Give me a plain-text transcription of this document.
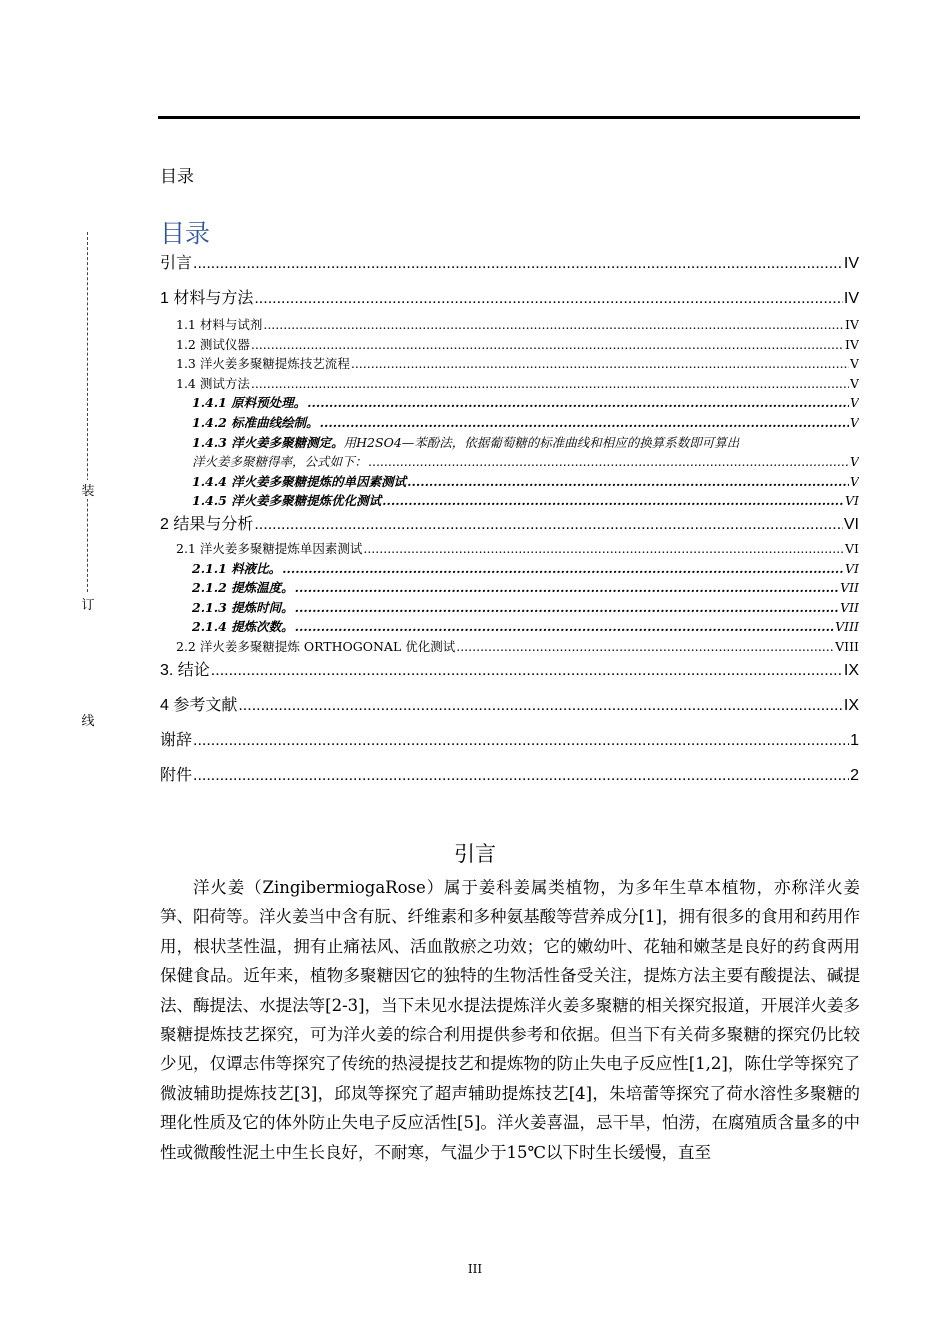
目录
装
订
线
目录
引言 .....	IV
1 材料与方法 .....	IV
1.1 材料与试剂 .....	IV
1.2 测试仪器 .....	IV
1.3 洋火姜多聚糖提炼技艺流程 .....	V
1.4 测试方法 .....	V
1.4.1 原料预处理。 .....	V
1.4.2 标准曲线绘制。 .....	V
1.4.3 洋火姜多聚糖测定。 用H2SO4—苯酚法，依据葡萄糖的标准曲线和相应的换算系数即可算出
洋火姜多聚糖得率，公式如下： .....	V
1.4.4 洋火姜多聚糖提炼的单因素测试 .....	V
1.4.5 洋火姜多聚糖提炼优化测试 .....	VI
2 结果与分析 .....	VI
2.1 洋火姜多聚糖提炼单因素测试 .....	VI
2.1.1 料液比。 .....	VI
2.1.2 提炼温度。 .....	VII
2.1.3 提炼时间。 .....	VII
2.1.4 提炼次数。 .....	VIII
2.2 洋火姜多聚糖提炼 ORTHOGONAL 优化测试 .....	VIII
3. 结论 .....	IX
4 参考文献 .....	IX
谢辞 .....	1
附件 .....	2
引言

洋火姜（ZingibermiogaRose）属于姜科姜属类植物，为多年生草本植物，亦称洋火姜笋、阳荷等。洋火姜当中含有朊、纤维素和多种氨基酸等营养成分[1]，拥有很多的食用和药用作用，根状茎性温，拥有止痛祛风、活血散瘀之功效；它的嫩幼叶、花轴和嫩茎是良好的药食两用保健食品。近年来，植物多聚糖因它的独特的生物活性备受关注，提炼方法主要有酸提法、碱提法、酶提法、水提法等[2-3]，当下未见水提法提炼洋火姜多聚糖的相关探究报道，开展洋火姜多聚糖提炼技艺探究，可为洋火姜的综合利用提供参考和依据。但当下有关荷多聚糖的探究仍比较少见，仅谭志伟等探究了传统的热浸提技艺和提炼物的防止失电子反应性[1,2]，陈仕学等探究了微波辅助提炼技艺[3]，邱岚等探究了超声辅助提炼技艺[4]，朱培蕾等探究了荷水溶性多聚糖的理化性质及它的体外防止失电子反应活性[5]。洋火姜喜温，忌干旱，怕涝，在腐殖质含量多的中性或微酸性泥土中生长良好，不耐寒，气温少于15℃以下时生长缓慢，直至

III
